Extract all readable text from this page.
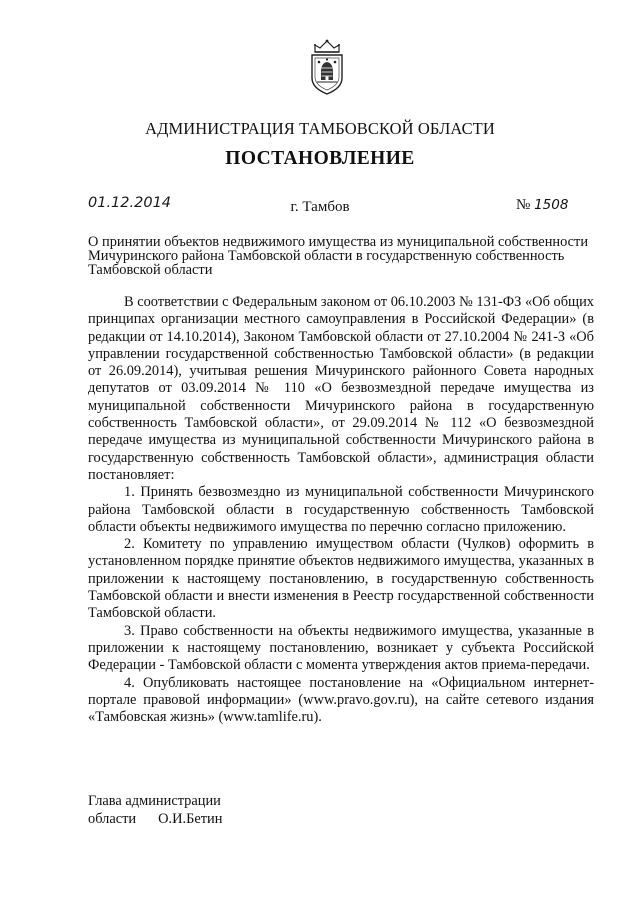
АДМИНИСТРАЦИЯ ТАМБОВСКОЙ ОБЛАСТИ
ПОСТАНОВЛЕНИЕ
01.12.2014	г. Тамбов	№ 1508
О принятии объектов недвижимого имущества из муниципальной собственности Мичуринского района Тамбовской области в государственную собственность Тамбовской области

В соответствии с Федеральным законом от 06.10.2003 № 131-ФЗ «Об общих принципах организации местного самоуправления в Российской Федерации» (в редакции от 14.10.2014), Законом Тамбовской области от 27.10.2004 № 241-З «Об управлении государственной собственностью Тамбовской области» (в редакции от 26.09.2014), учитывая решения Мичуринского районного Совета народных депутатов от 03.09.2014 № 110 «О безвозмездной передаче имущества из муниципальной собственности Мичуринского района в государственную собственность Тамбовской области», от 29.09.2014 № 112 «О безвозмездной передаче имущества из муниципальной собственности Мичуринского района в государственную собственность Тамбовской области», администрация области постановляет:

1. Принять безвозмездно из муниципальной собственности Мичуринского района Тамбовской области в государственную собственность Тамбовской области объекты недвижимого имущества по перечню согласно приложению.

2. Комитету по управлению имуществом области (Чулков) оформить в установленном порядке принятие объектов недвижимого имущества, указанных в приложении к настоящему постановлению, в государственную собственность Тамбовской области и внести изменения в Реестр государственной собственности Тамбовской области.

3. Право собственности на объекты недвижимого имущества, указанные в приложении к настоящему постановлению, возникает у субъекта Российской Федерации - Тамбовской области с момента утверждения актов приема-передачи.

4. Опубликовать настоящее постановление на «Официальном интернет-портале правовой информации» (www.pravo.gov.ru), на сайте сетевого издания «Тамбовская жизнь» (www.tamlife.ru).

Глава администрации
области О.И.Бетин
